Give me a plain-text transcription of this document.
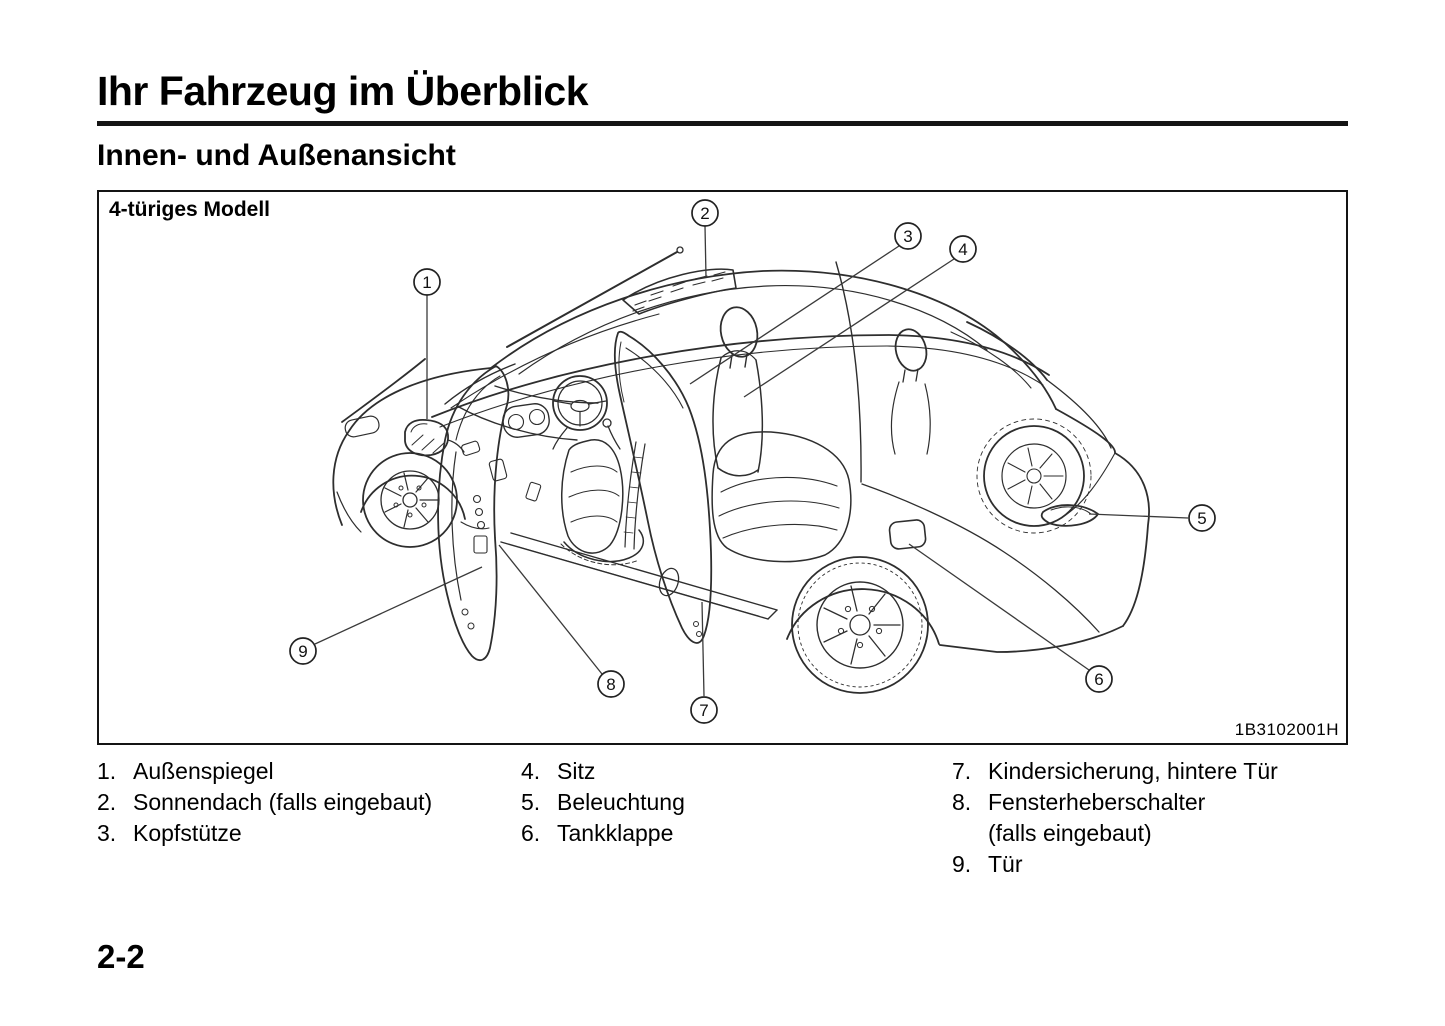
Ihr Fahrzeug im Überblick
Innen- und Außenansicht
1
2
3
4
5
6
7
8
9
4-türiges Modell
1B3102001H
1. Außenspiegel
2. Sonnendach (falls eingebaut)
3. Kopfstütze
4. Sitz
5. Beleuchtung
6. Tankklappe
7. Kindersicherung, hintere Tür
8. Fensterheberschalter
(falls eingebaut)
9. Tür
2-2
